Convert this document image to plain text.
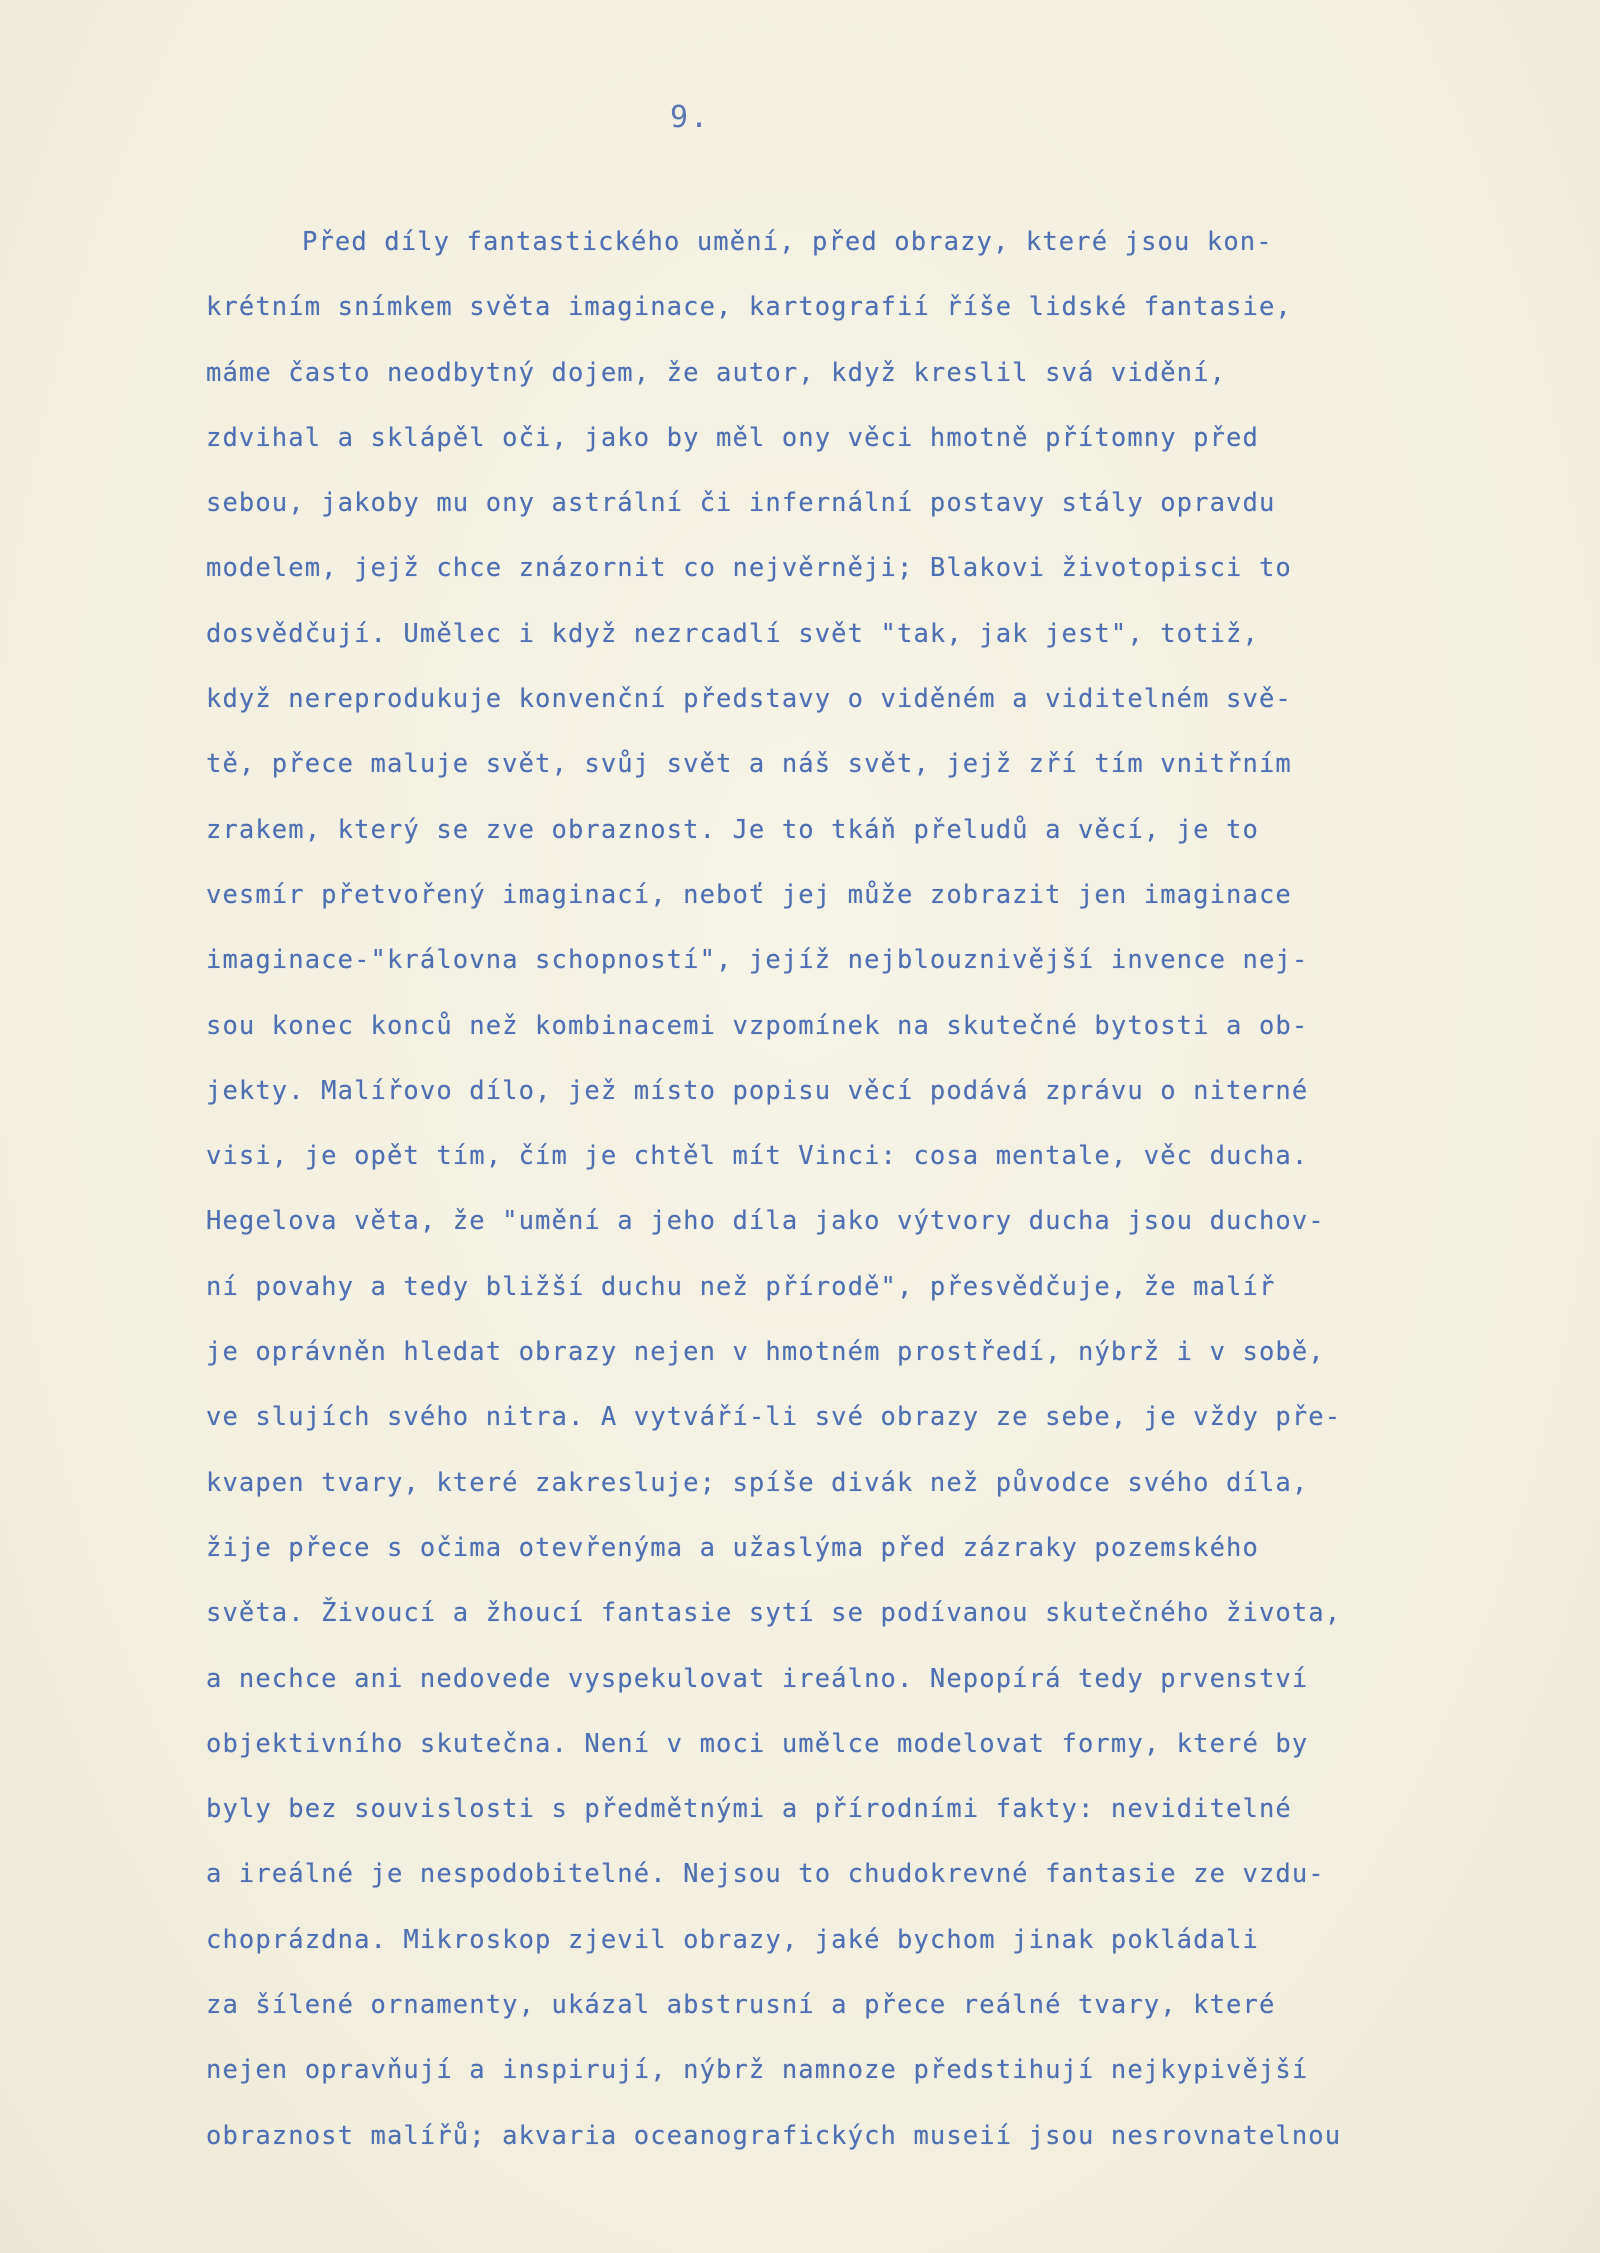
9.
Před díly fantastického umění, před obrazy, které jsou kon-
krétním snímkem světa imaginace, kartografií říše lidské fantasie,
máme často neodbytný dojem, že autor, když kreslil svá vidění,
zdvihal a sklápěl oči, jako by měl ony věci hmotně přítomny před
sebou, jakoby mu ony astrální či infernální postavy stály opravdu
modelem, jejž chce znázornit co nejvěrněji; Blakovi životopisci to
dosvědčují. Umělec i když nezrcadlí svět "tak, jak jest", totiž,
když nereprodukuje konvenční představy o viděném a viditelném svě-
tě, přece maluje svět, svůj svět a náš svět, jejž zří tím vnitřním
zrakem, který se zve obraznost. Je to tkáň přeludů a věcí, je to
vesmír přetvořený imaginací, neboť jej může zobrazit jen imaginace
imaginace-"královna schopností", jejíž nejblouznivější invence nej-
sou konec konců než kombinacemi vzpomínek na skutečné bytosti a ob-
jekty. Malířovo dílo, jež místo popisu věcí podává zprávu o niterné
visi, je opět tím, čím je chtěl mít Vinci: cosa mentale, věc ducha.
Hegelova věta, že "umění a jeho díla jako výtvory ducha jsou duchov-
ní povahy a tedy bližší duchu než přírodě", přesvědčuje, že malíř
je oprávněn hledat obrazy nejen v hmotném prostředí, nýbrž i v sobě,
ve slujích svého nitra. A vytváří-li své obrazy ze sebe, je vždy pře-
kvapen tvary, které zakresluje; spíše divák než původce svého díla,
žije přece s očima otevřenýma a užaslýma před zázraky pozemského
světa. Živoucí a žhoucí fantasie sytí se podívanou skutečného života,
a nechce ani nedovede vyspekulovat ireálno. Nepopírá tedy prvenství
objektivního skutečna. Není v moci umělce modelovat formy, které by
byly bez souvislosti s předmětnými a přírodními fakty: neviditelné
a ireálné je nespodobitelné. Nejsou to chudokrevné fantasie ze vzdu-
choprázdna. Mikroskop zjevil obrazy, jaké bychom jinak pokládali
za šílené ornamenty, ukázal abstrusní a přece reálné tvary, které
nejen opravňují a inspirují, nýbrž namnoze předstihují nejkypivější
obraznost malířů; akvaria oceanografických museií jsou nesrovnatelnou
